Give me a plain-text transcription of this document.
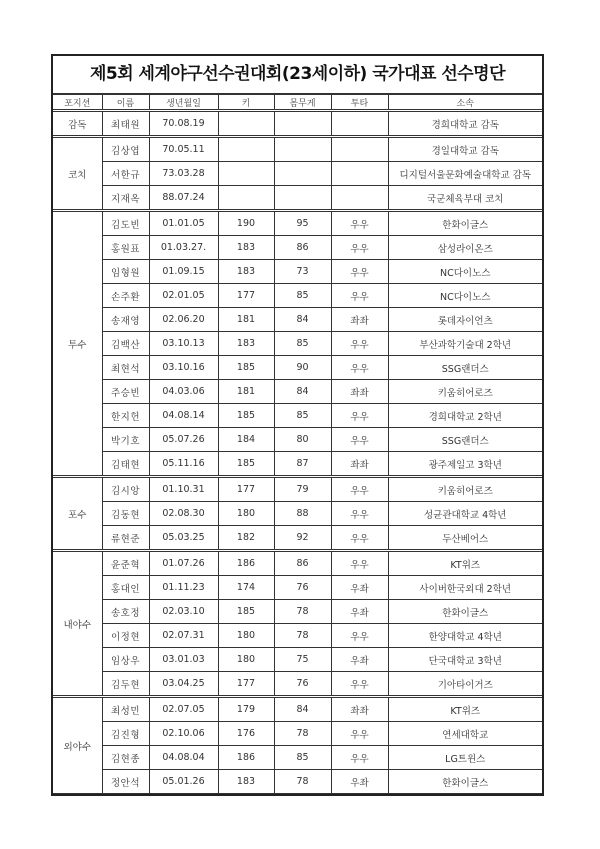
제5회 세계야구선수권대회(23세이하) 국가대표 선수명단
포지션	이름	생년월일	키	몸무게	투타	소속
감독	최태원	70.08.19				경희대학교 감독
코치	김상엽	70.05.11				경일대학교 감독
	서한규	73.03.28				디지털서울문화예술대학교 감독
	지재옥	88.07.24				국군체육부대 코치
투수	김도빈	01.01.05	190	95	우우	한화이글스
	홍원표	01.03.27.	183	86	우우	삼성라이온즈
	임형원	01.09.15	183	73	우우	NC다이노스
	손주환	02.01.05	177	85	우우	NC다이노스
	송재영	02.06.20	181	84	좌좌	롯데자이언츠
	김백산	03.10.13	183	85	우우	부산과학기술대 2학년
	최현석	03.10.16	185	90	우우	SSG랜더스
	주승빈	04.03.06	181	84	좌좌	키움히어로즈
	한지헌	04.08.14	185	85	우우	경희대학교 2학년
	박기호	05.07.26	184	80	우우	SSG랜더스
	김태현	05.11.16	185	87	좌좌	광주제일고 3학년
포수	김시앙	01.10.31	177	79	우우	키움히어로즈
	김동현	02.08.30	180	88	우우	성균관대학교 4학년
	류현준	05.03.25	182	92	우우	두산베어스
내야수	윤준혁	01.07.26	186	86	우우	KT위즈
	홍대인	01.11.23	174	76	우좌	사이버한국외대 2학년
	송호정	02.03.10	185	78	우좌	한화이글스
	이정현	02.07.31	180	78	우우	한양대학교 4학년
	임상우	03.01.03	180	75	우좌	단국대학교 3학년
	김두현	03.04.25	177	76	우우	기아타이거즈
외야수	최성민	02.07.05	179	84	좌좌	KT위즈
	김진형	02.10.06	176	78	우우	연세대학교
	김현종	04.08.04	186	85	우우	LG트윈스
	정안석	05.01.26	183	78	우좌	한화이글스
